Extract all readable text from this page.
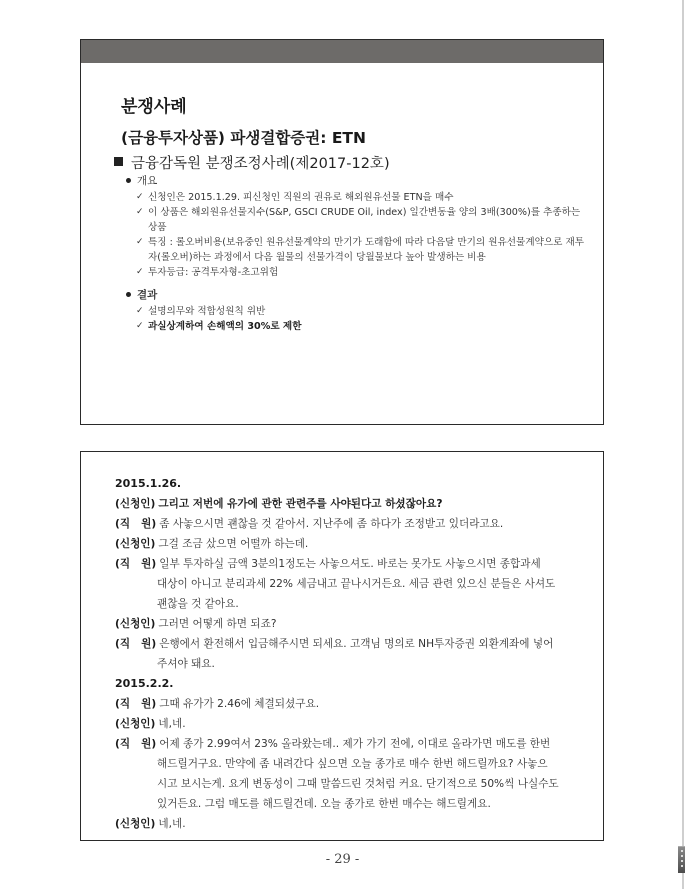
분쟁사례
(금융투자상품) 파생결합증권: ETN
금융감독원 분쟁조정사례(제2017-12호)
개요
✓ 신청인은 2015.1.29. 피신청인 직원의 권유로 해외원유선물 ETN을 매수
✓ 이 상품은 해외원유선물지수(S&P, GSCI CRUDE Oil, index) 일간변동율 양의 3배(300%)를 추종하는 상품
✓ 특징 : 롤오버비용(보유중인 원유선물계약의 만기가 도래함에 따라 다음달 만기의 원유선물계약으로 재투자(롤오버)하는 과정에서 다음 월물의 선물가격이 당월물보다 높아 발생하는 비용
✓ 투자등급: 공격투자형-초고위험
결과
✓ 설명의무와 적합성원칙 위반
✓ 과실상계하여 손해액의 30%로 제한
2015.1.26.
(신청인) 그리고 저번에 유가에 관한 관련주를 사야된다고 하셨잖아요?
(직   원) 좀 사놓으시면 괜찮을 것 같아서. 지난주에 좀 하다가 조정받고 있더라고요.
(신청인) 그걸 조금 샀으면 어떨까 하는데.
(직   원) 일부 투자하실 금액 3분의1정도는 사놓으셔도. 바로는 못가도 사놓으시면 종합과세
대상이 아니고 분리과세 22% 세금내고 끝나시거든요. 세금 관련 있으신 분들은 사셔도
괜찮을 것 같아요.
(신청인) 그러면 어떻게 하면 되죠?
(직   원) 은행에서 환전해서 입금해주시면 되세요. 고객님 명의로 NH투자증권 외환계좌에 넣어
주셔야 돼요.
2015.2.2.
(직   원) 그때 유가가 2.46에 체결되셨구요.
(신청인) 네,네.
(직   원) 어제 종가 2.99여서 23% 올라왔는데.. 제가 가기 전에, 이대로 올라가면 매도를 한번
해드릴거구요. 만약에 좀 내려간다 싶으면 오늘 종가로 매수 한번 해드릴까요? 사놓으
시고 보시는게. 요게 변동성이 그때 말씀드린 것처럼 커요. 단기적으로 50%씩 나실수도
있거든요. 그럼 매도를 해드릴건데. 오늘 종가로 한번 매수는 해드릴게요.
(신청인) 네,네.
- 29 -
